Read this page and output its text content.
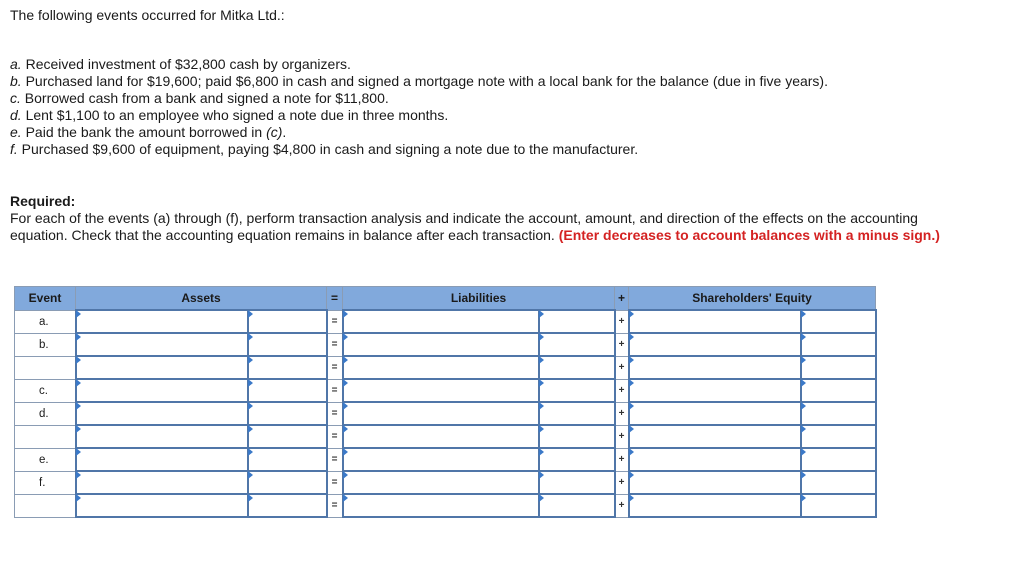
The following events occurred for Mitka Ltd.:
a. Received investment of $32,800 cash by organizers.
b. Purchased land for $19,600; paid $6,800 in cash and signed a mortgage note with a local bank for the balance (due in five years).
c. Borrowed cash from a bank and signed a note for $11,800.
d. Lent $1,100 to an employee who signed a note due in three months.
e. Paid the bank the amount borrowed in (c).
f. Purchased $9,600 of equipment, paying $4,800 in cash and signing a note due to the manufacturer.
Required:
For each of the events (a) through (f), perform transaction analysis and indicate the account, amount, and direction of the effects on the accounting equation. Check that the accounting equation remains in balance after each transaction. (Enter decreases to account balances with a minus sign.)
Event	Assets		=	Liabilities		+	Shareholders' Equity	
a.			=			+		
b.			=			+		
			=			+		
c.			=			+		
d.			=			+		
			=			+		
e.			=			+		
f.			=			+		
			=			+		
